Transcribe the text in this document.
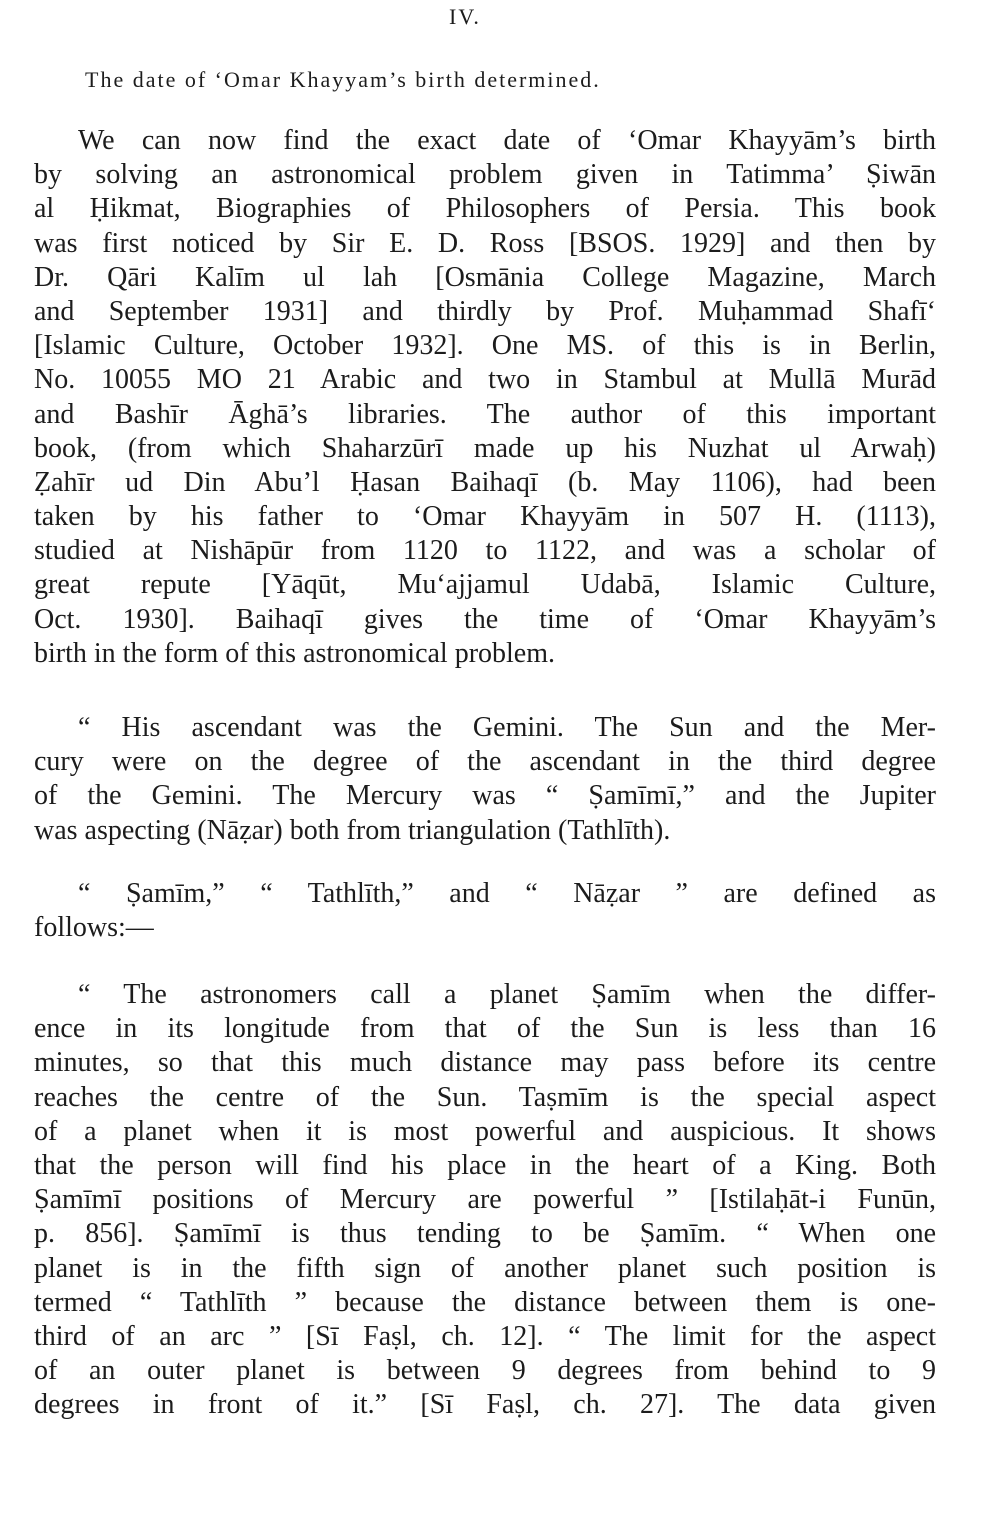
IV.
The date of ‘Omar Khayyam’s birth determined.
We can now find the exact date of ‘Omar Khayyām’s birth
by solving an astronomical problem given in Tatimma’ Ṣiwān
al Ḥikmat, Biographies of Philosophers of Persia. This book
was first noticed by Sir E. D. Ross [BSOS. 1929] and then by
Dr. Qāri Kalīm ul lah [Osmānia College Magazine, March
and September 1931] and thirdly by Prof. Muḥammad Shafī‘
[Islamic Culture, October 1932]. One MS. of this is in Berlin,
No. 10055 MO 21 Arabic and two in Stambul at Mullā Murād
and Bashīr Āghā’s libraries. The author of this important
book, (from which Shaharzūrī made up his Nuzhat ul Arwaḥ)
Ẓahīr ud Din Abu’l Ḥasan Baihaqī (b. May 1106), had been
taken by his father to ‘Omar Khayyām in 507 H. (1113),
studied at Nishāpūr from 1120 to 1122, and was a scholar of
great repute [Yāqūt, Mu‘ajjamul Udabā, Islamic Culture,
Oct. 1930]. Baihaqī gives the time of ‘Omar Khayyām’s
birth in the form of this astronomical problem.
“ His ascendant was the Gemini. The Sun and the Mer-
cury were on the degree of the ascendant in the third degree
of the Gemini. The Mercury was “ Ṣamīmī,” and the Jupiter
was aspecting (Nāẓar) both from triangulation (Tathlīth).
“ Ṣamīm,” “ Tathlīth,” and “ Nāẓar ” are defined as
follows:—
“ The astronomers call a planet Ṣamīm when the differ-
ence in its longitude from that of the Sun is less than 16
minutes, so that this much distance may pass before its centre
reaches the centre of the Sun. Taṣmīm is the special aspect
of a planet when it is most powerful and auspicious. It shows
that the person will find his place in the heart of a King. Both
Ṣamīmī positions of Mercury are powerful ” [Istilaḥāt-i Funūn,
p. 856]. Ṣamīmī is thus tending to be Ṣamīm. “ When one
planet is in the fifth sign of another planet such position is
termed “ Tathlīth ” because the distance between them is one-
third of an arc ” [Sī Faṣl, ch. 12]. “ The limit for the aspect
of an outer planet is between 9 degrees from behind to 9
degrees in front of it.” [Sī Faṣl, ch. 27]. The data given
